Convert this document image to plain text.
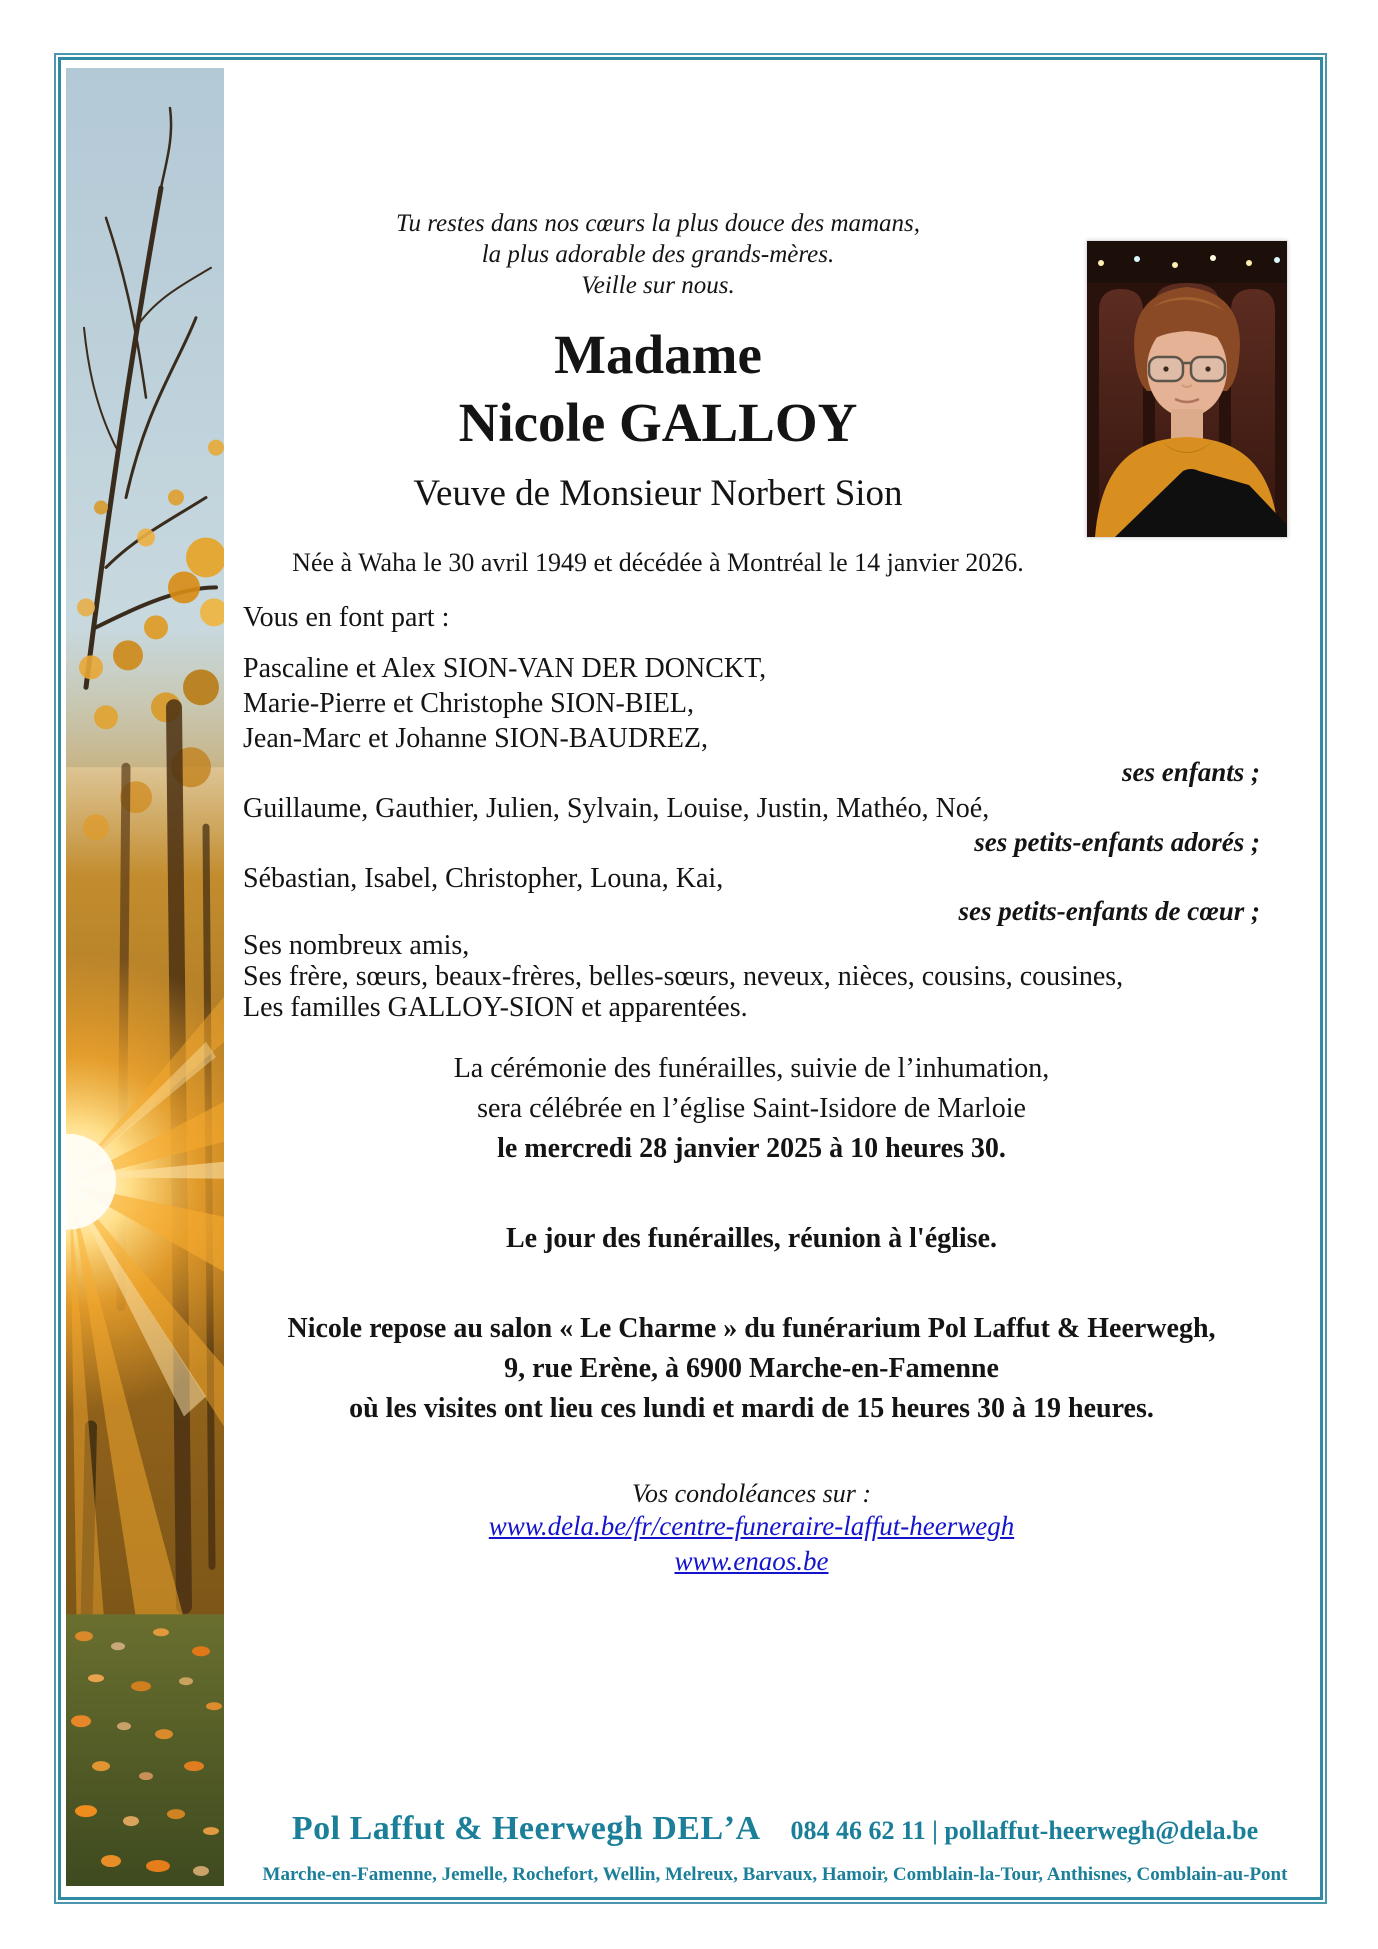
Tu restes dans nos cœurs la plus douce des mamans,
la plus adorable des grands-mères.
Veille sur nous.
Madame
Nicole GALLOY
Veuve de Monsieur Norbert Sion
Née à Waha le 30 avril 1949 et décédée à Montréal le 14 janvier 2026.
Vous en font part :
Pascaline et Alex SION-VAN DER DONCKT,
Marie-Pierre et Christophe SION-BIEL,
Jean-Marc et Johanne SION-BAUDREZ,
ses enfants ;
Guillaume, Gauthier, Julien, Sylvain, Louise, Justin, Mathéo, Noé,
ses petits-enfants adorés ;
Sébastian, Isabel, Christopher, Louna, Kai,
ses petits-enfants de cœur ;
Ses nombreux amis,
Ses frère, sœurs, beaux-frères, belles-sœurs, neveux, nièces, cousins, cousines,
Les familles GALLOY-SION et apparentées.
La cérémonie des funérailles, suivie de l’inhumation,
sera célébrée en l’église Saint-Isidore de Marloie
le mercredi 28 janvier 2025 à 10 heures 30.
Le jour des funérailles, réunion à l'église.
Nicole repose au salon « Le Charme » du funérarium Pol Laffut & Heerwegh,
9, rue Erène, à 6900 Marche-en-Famenne
où les visites ont lieu ces lundi et mardi de 15 heures 30 à 19 heures.
Vos condoléances sur :
www.dela.be/fr/centre-funeraire-laffut-heerwegh
www.enaos.be
Pol Laffut & Heerwegh DELʼA 084 46 62 11 | pollaffut-heerwegh@dela.be
Marche-en-Famenne, Jemelle, Rochefort, Wellin, Melreux, Barvaux, Hamoir, Comblain-la-Tour, Anthisnes, Comblain-au-Pont
